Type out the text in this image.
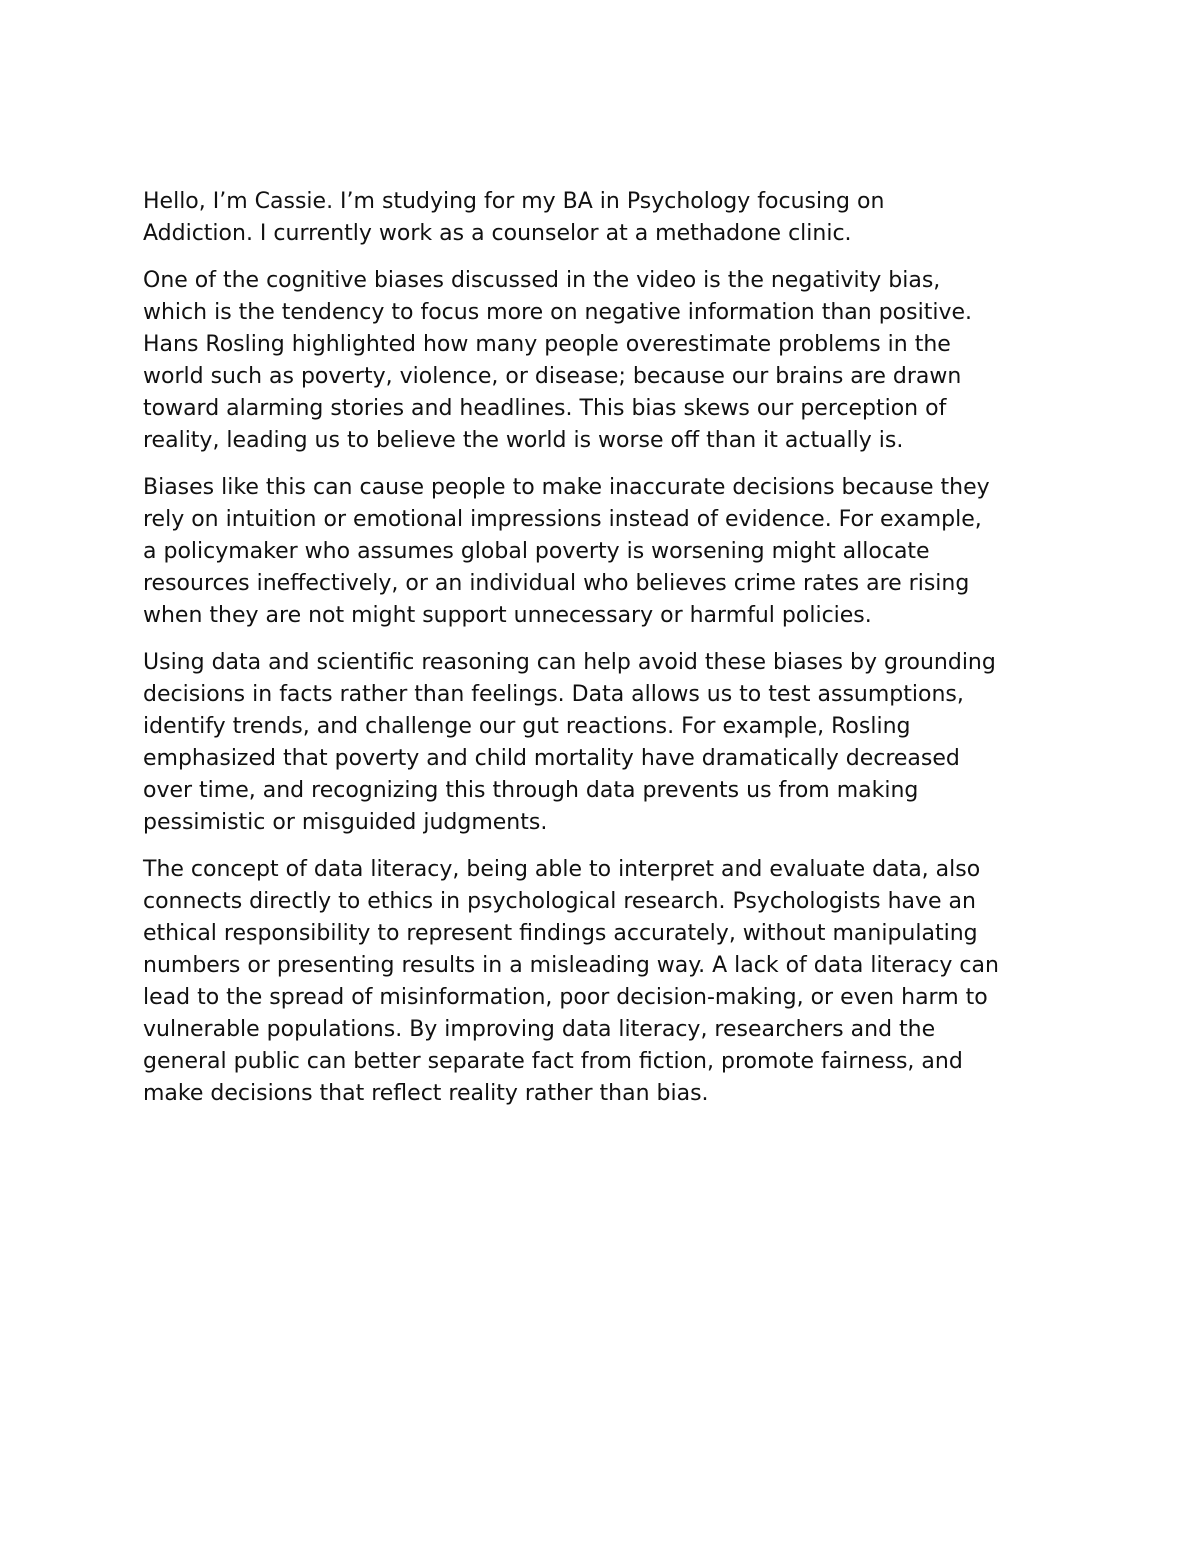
Hello, I’m Cassie. I’m studying for my BA in Psychology focusing on
Addiction. I currently work as a counselor at a methadone clinic.

One of the cognitive biases discussed in the video is the negativity bias,
which is the tendency to focus more on negative information than positive.
Hans Rosling highlighted how many people overestimate problems in the
world such as poverty, violence, or disease; because our brains are drawn
toward alarming stories and headlines. This bias skews our perception of
reality, leading us to believe the world is worse off than it actually is.

Biases like this can cause people to make inaccurate decisions because they
rely on intuition or emotional impressions instead of evidence. For example,
a policymaker who assumes global poverty is worsening might allocate
resources ineffectively, or an individual who believes crime rates are rising
when they are not might support unnecessary or harmful policies.

Using data and scientific reasoning can help avoid these biases by grounding
decisions in facts rather than feelings. Data allows us to test assumptions,
identify trends, and challenge our gut reactions. For example, Rosling
emphasized that poverty and child mortality have dramatically decreased
over time, and recognizing this through data prevents us from making
pessimistic or misguided judgments.

The concept of data literacy, being able to interpret and evaluate data, also
connects directly to ethics in psychological research. Psychologists have an
ethical responsibility to represent findings accurately, without manipulating
numbers or presenting results in a misleading way. A lack of data literacy can
lead to the spread of misinformation, poor decision-making, or even harm to
vulnerable populations. By improving data literacy, researchers and the
general public can better separate fact from fiction, promote fairness, and
make decisions that reflect reality rather than bias.
